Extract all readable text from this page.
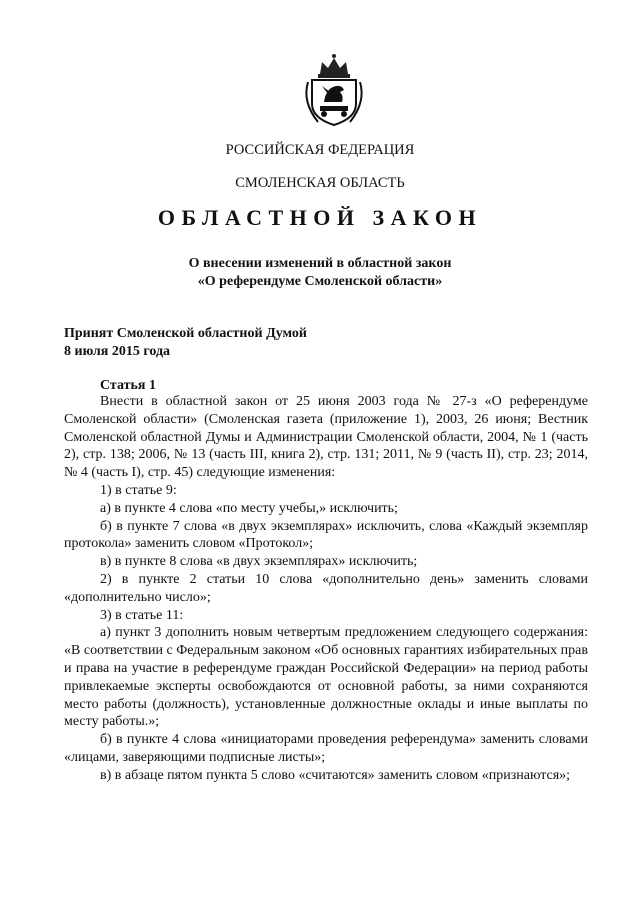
РОССИЙСКАЯ ФЕДЕРАЦИЯ
СМОЛЕНСКАЯ ОБЛАСТЬ
ОБЛАСТНОЙ ЗАКОН
О внесении изменений в областной закон
«О референдуме Смоленской области»
Принят Смоленской областной Думой
8 июля 2015 года
Статья 1

Внести в областной закон от 25 июня 2003 года № 27-з «О референдуме Смоленской области» (Смоленская газета (приложение 1), 2003, 26 июня; Вестник Смоленской областной Думы и Администрации Смоленской области, 2004, № 1 (часть 2), стр. 138; 2006, № 13 (часть III, книга 2), стр. 131; 2011, № 9 (часть II), стр. 23; 2014, № 4 (часть I), стр. 45) следующие изменения:

1) в статье 9:

а) в пункте 4 слова «по месту учебы,» исключить;

б) в пункте 7 слова «в двух экземплярах» исключить, слова «Каждый экземпляр протокола» заменить словом «Протокол»;

в) в пункте 8 слова «в двух экземплярах» исключить;

2) в пункте 2 статьи 10 слова «дополнительно день» заменить словами «дополнительно число»;

3) в статье 11:

а) пункт 3 дополнить новым четвертым предложением следующего содержания: «В соответствии с Федеральным законом «Об основных гарантиях избирательных прав и права на участие в референдуме граждан Российской Федерации» на период работы привлекаемые эксперты освобождаются от основной работы, за ними сохраняются место работы (должность), установленные должностные оклады и иные выплаты по месту работы.»;

б) в пункте 4 слова «инициаторами проведения референдума» заменить словами «лицами, заверяющими подписные листы»;

в) в абзаце пятом пункта 5 слово «считаются» заменить словом «признаются»;
